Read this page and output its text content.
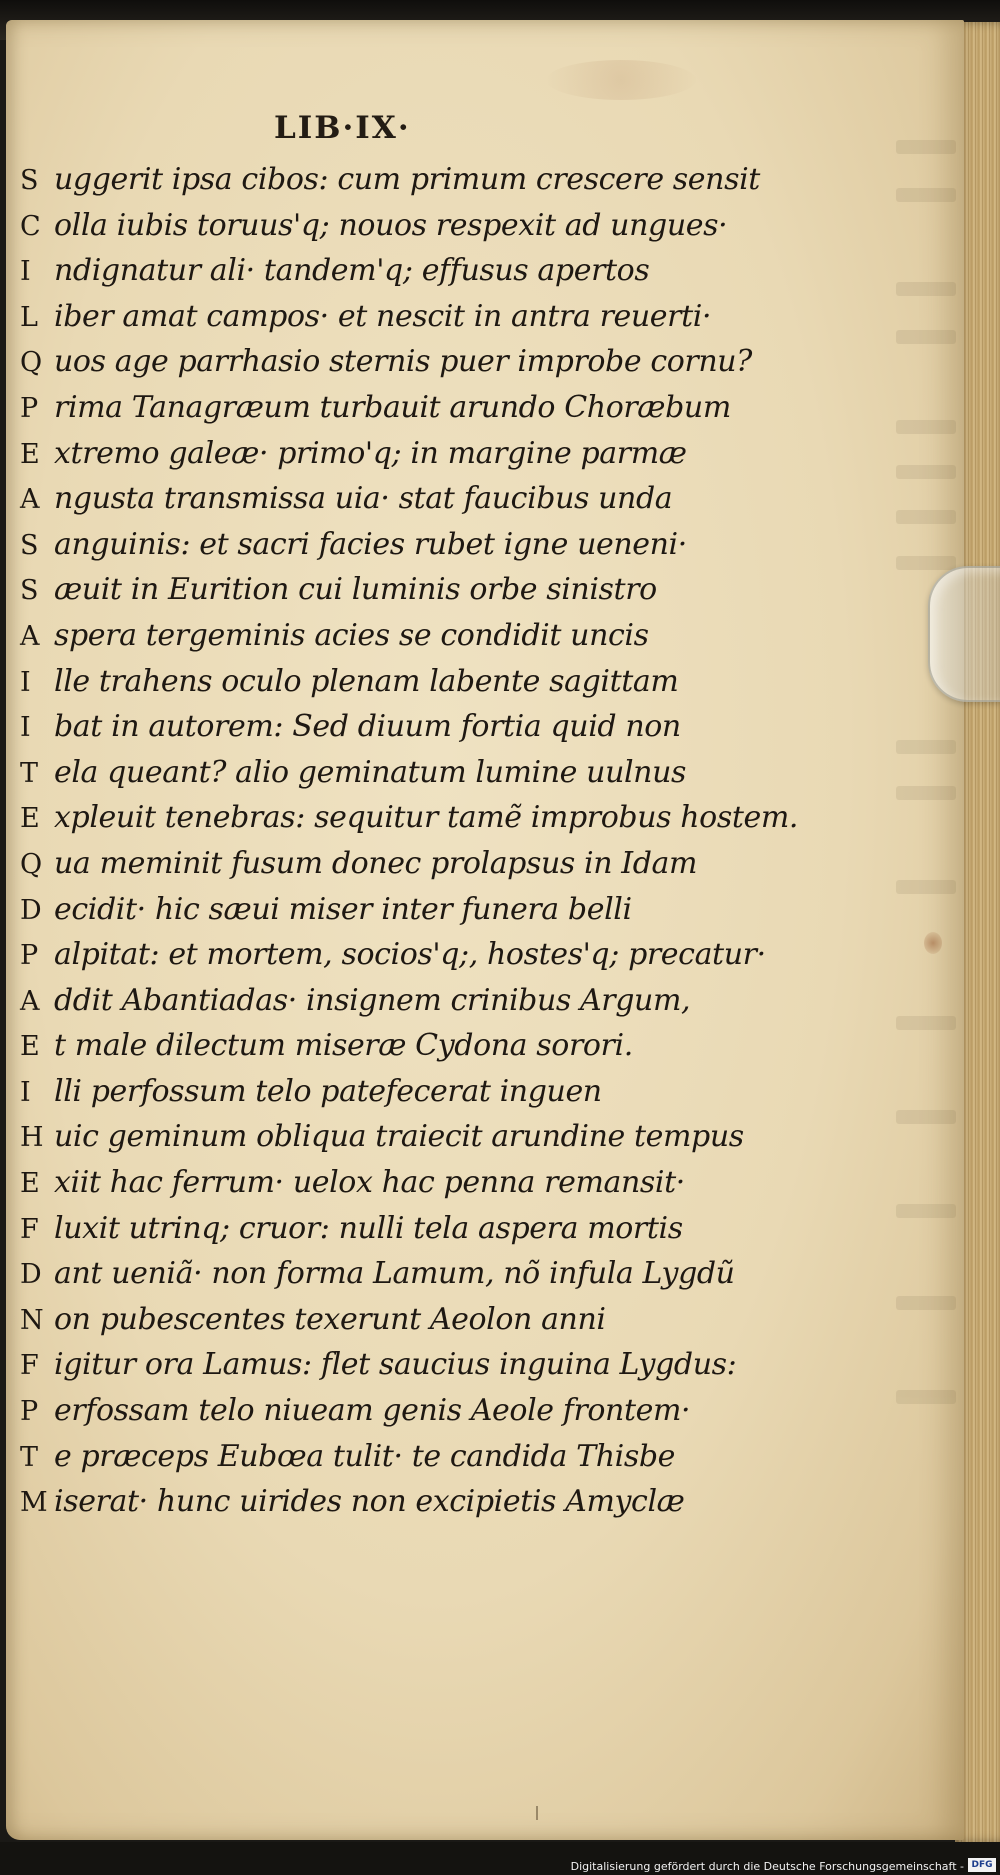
LIB·IX·
S uggerit ipsa cibos: cum primum crescere sensit
C olla iubis toruus'q; nouos respexit ad ungues·
I ndignatur ali· tandem'q; effusus apertos
L iber amat campos· et nescit in antra reuerti·
Q uos age parrhasio sternis puer improbe cornu?
P rima Tanagræum turbauit arundo Choræbum
E xtremo galeæ· primo'q; in margine parmæ
A ngusta transmissa uia· stat faucibus unda
S anguinis: et sacri facies rubet igne ueneni·
S æuit in Eurition cui luminis orbe sinistro
A spera tergeminis acies se condidit uncis
I lle trahens oculo plenam labente sagittam
I bat in autorem: Sed diuum fortia quid non
T ela queant? alio geminatum lumine uulnus
E xpleuit tenebras: sequitur tamẽ improbus hostem.
Q ua meminit fusum donec prolapsus in Idam
D ecidit· hic sæui miser inter funera belli
P alpitat: et mortem, socios'q;, hostes'q; precatur·
A ddit Abantiadas· insignem crinibus Argum,
E t male dilectum miseræ Cydona sorori.
I lli perfossum telo patefecerat inguen
H uic geminum obliqua traiecit arundine tempus
E xiit hac ferrum· uelox hac penna remansit·
F luxit utrinq; cruor: nulli tela aspera mortis
D ant ueniã· non forma Lamum, nõ infula Lygdũ
N on pubescentes texerunt Aeolon anni
F igitur ora Lamus: flet saucius inguina Lygdus:
P erfossam telo niueam genis Aeole frontem·
T e præceps Eubœa tulit· te candida Thisbe
M iserat· hunc uirides non excipietis Amyclæ
Digitalisierung gefördert durch die Deutsche Forschungsgemeinschaft - DFG
